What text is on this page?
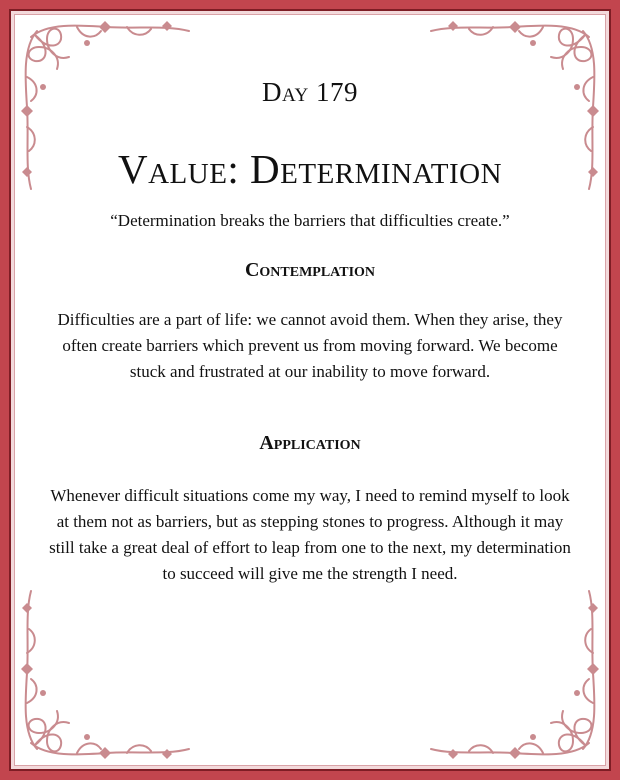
Day 179
Value: Determination
“Determination breaks the barriers that difficulties create.”
Contemplation
Difficulties are a part of life: we cannot avoid them. When they arise, they often create barriers which prevent us from moving forward. We become stuck and frustrated at our inability to move forward.
Application
Whenever difficult situations come my way, I need to remind myself to look at them not as barriers, but as stepping stones to progress. Although it may still take a great deal of effort to leap from one to the next, my determination to succeed will give me the strength I need.
